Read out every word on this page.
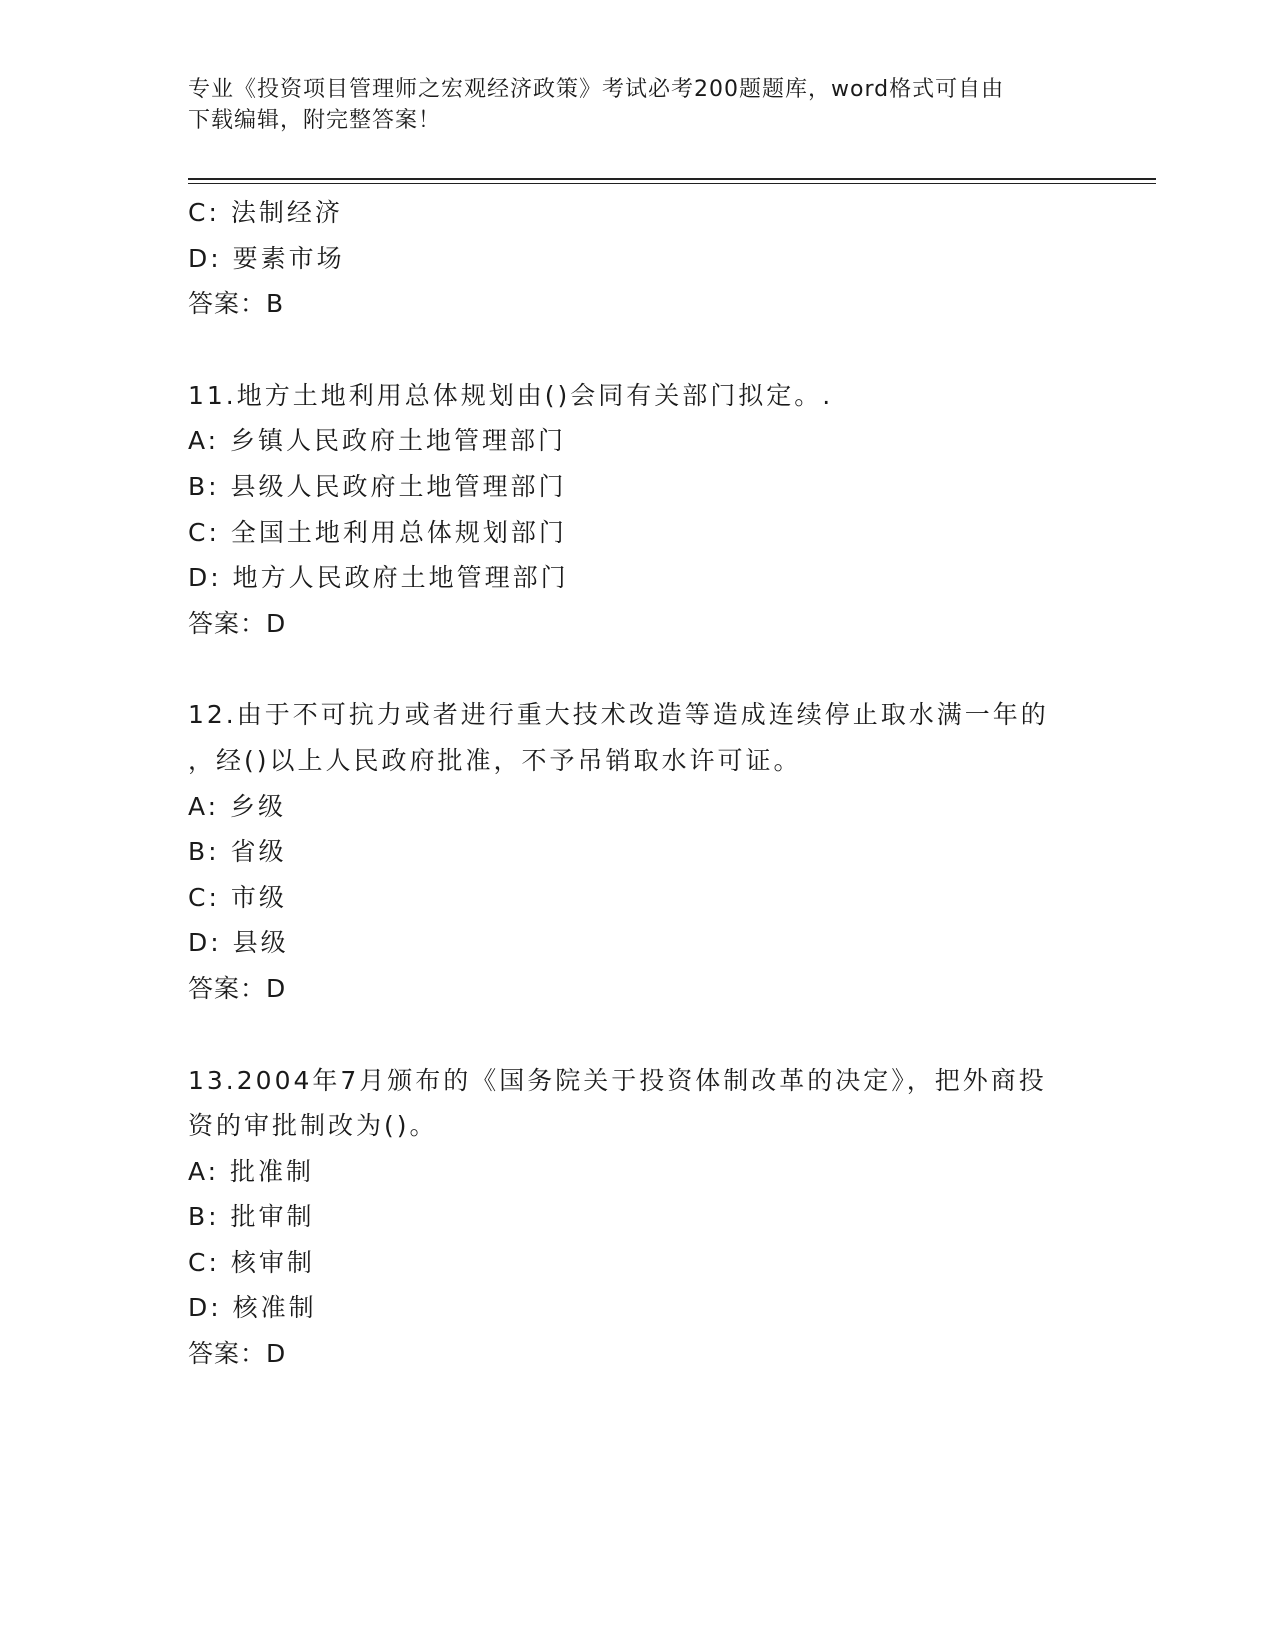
专业《投资项目管理师之宏观经济政策》考试必考200题题库，word格式可自由
下载编辑，附完整答案！
C: 法制经济
D: 要素市场
答案：B
11.地方土地利用总体规划由()会同有关部门拟定。.
A: 乡镇人民政府土地管理部门
B: 县级人民政府土地管理部门
C: 全国土地利用总体规划部门
D: 地方人民政府土地管理部门
答案：D
12.由于不可抗力或者进行重大技术改造等造成连续停止取水满一年的
，经()以上人民政府批准，不予吊销取水许可证。
A: 乡级
B: 省级
C: 市级
D: 县级
答案：D
13.2004年7月颁布的《国务院关于投资体制改革的决定》，把外商投
资的审批制改为()。
A: 批准制
B: 批审制
C: 核审制
D: 核准制
答案：D
